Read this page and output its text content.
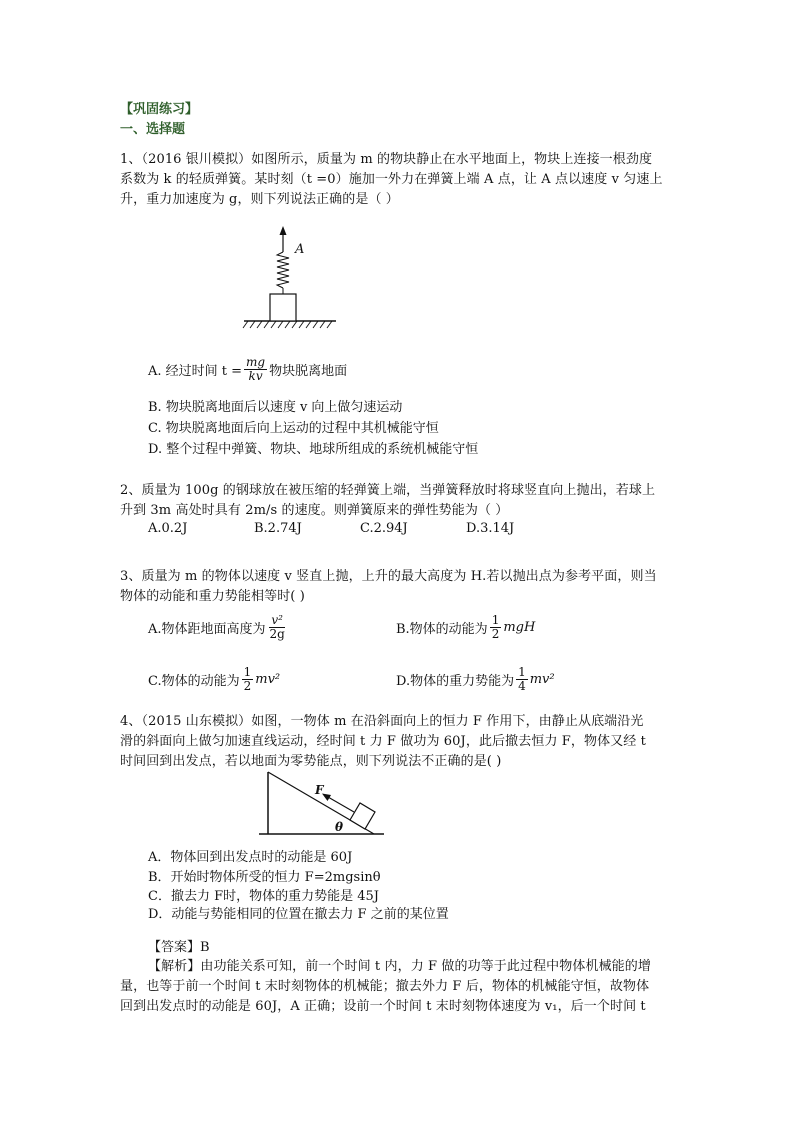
【巩固练习】
一、选择题
1、（2016 银川模拟）如图所示，质量为 m 的物块静止在水平地面上，物块上连接一根劲度
系数为 k 的轻质弹簧。某时刻（t =0）施加一外力在弹簧上端 A 点，让 A 点以速度 v 匀速上
升，重力加速度为 g，则下列说法正确的是（ ）
A
A. 经过时间 $t = \frac{mg}{kv}$ 物块脱离地面
B. 物块脱离地面后以速度 v 向上做匀速运动
C. 物块脱离地面后向上运动的过程中其机械能守恒
D. 整个过程中弹簧、物块、地球所组成的系统机械能守恒
2、质量为 100g 的钢球放在被压缩的轻弹簧上端，当弹簧释放时将球竖直向上抛出，若球上
升到 3m 高处时具有 2m/s 的速度。则弹簧原来的弹性势能为（ ）
A.0.2J	B.2.74J	C.2.94J	D.3.14J
3、质量为 m 的物体以速度 v 竖直上抛，上升的最大高度为 H.若以抛出点为参考平面，则当
物体的动能和重力势能相等时( )
A.物体距地面高度为 $\frac{\text{v²}}{2g}$	B.物体的动能为 $\frac{1}{2}$ mgH
C.物体的动能为 $\frac{1}{2} mv^2$	D.物体的重力势能为 $\frac{1}{4} mv^2$
4、（2015 山东模拟）如图，一物体 m 在沿斜面向上的恒力 F 作用下，由静止从底端沿光
滑的斜面向上做匀加速直线运动，经时间 t 力 F 做功为 60J，此后撤去恒力 F，物体又经 t
时间回到出发点，若以地面为零势能点，则下列说法不正确的是( )
F
θ
A．物体回到出发点时的动能是 60J
B．开始时物体所受的恒力 F=2mgsinθ
C．撤去力 F时，物体的重力势能是 45J
D．动能与势能相同的位置在撤去力 F 之前的某位置
【答案】B
【解析】由功能关系可知，前一个时间 t 内，力 F 做的功等于此过程中物体机械能的增
量，也等于前一个时间 t 末时刻物体的机械能；撤去外力 F 后，物体的机械能守恒，故物体
回到出发点时的动能是 60J，A 正确；设前一个时间 t 末时刻物体速度为 v₁，后一个时间 t
